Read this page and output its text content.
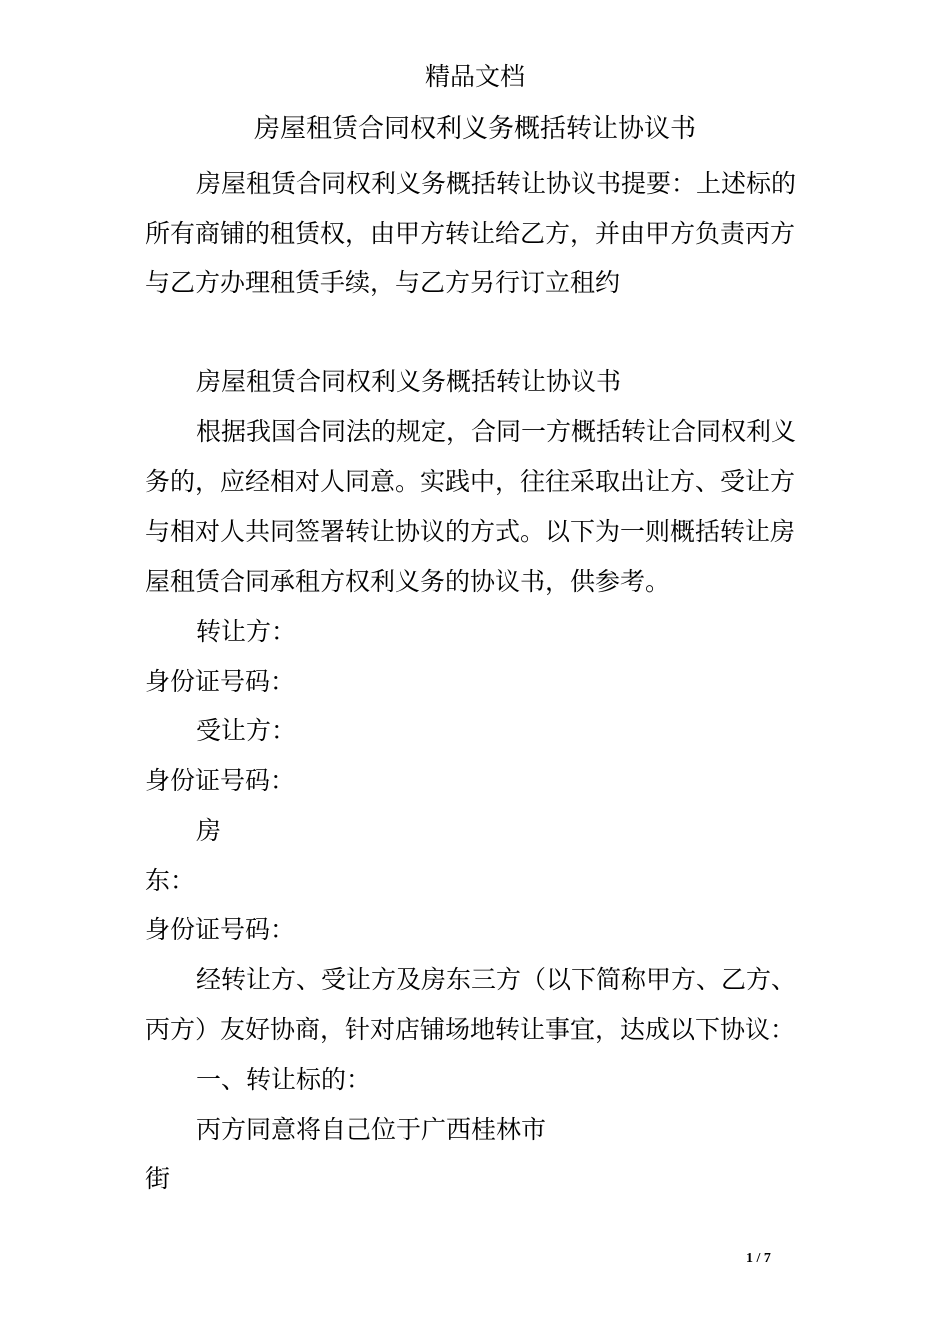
精品文档

房屋租赁合同权利义务概括转让协议书

房屋租赁合同权利义务概括转让协议书提要：上述标的

所有商铺的租赁权，由甲方转让给乙方，并由甲方负责丙方

与乙方办理租赁手续，与乙方另行订立租约

房屋租赁合同权利义务概括转让协议书

根据我国合同法的规定，合同一方概括转让合同权利义

务的，应经相对人同意。实践中，往往采取出让方、受让方

与相对人共同签署转让协议的方式。以下为一则概括转让房

屋租赁合同承租方权利义务的协议书，供参考。

转让方：

身份证号码：

受让方：

身份证号码：

房

东：

身份证号码：

经转让方、受让方及房东三方（以下简称甲方、乙方、

丙方）友好协商，针对店铺场地转让事宜，达成以下协议：

一、转让标的：

丙方同意将自己位于广西桂林市

街

1 / 7
